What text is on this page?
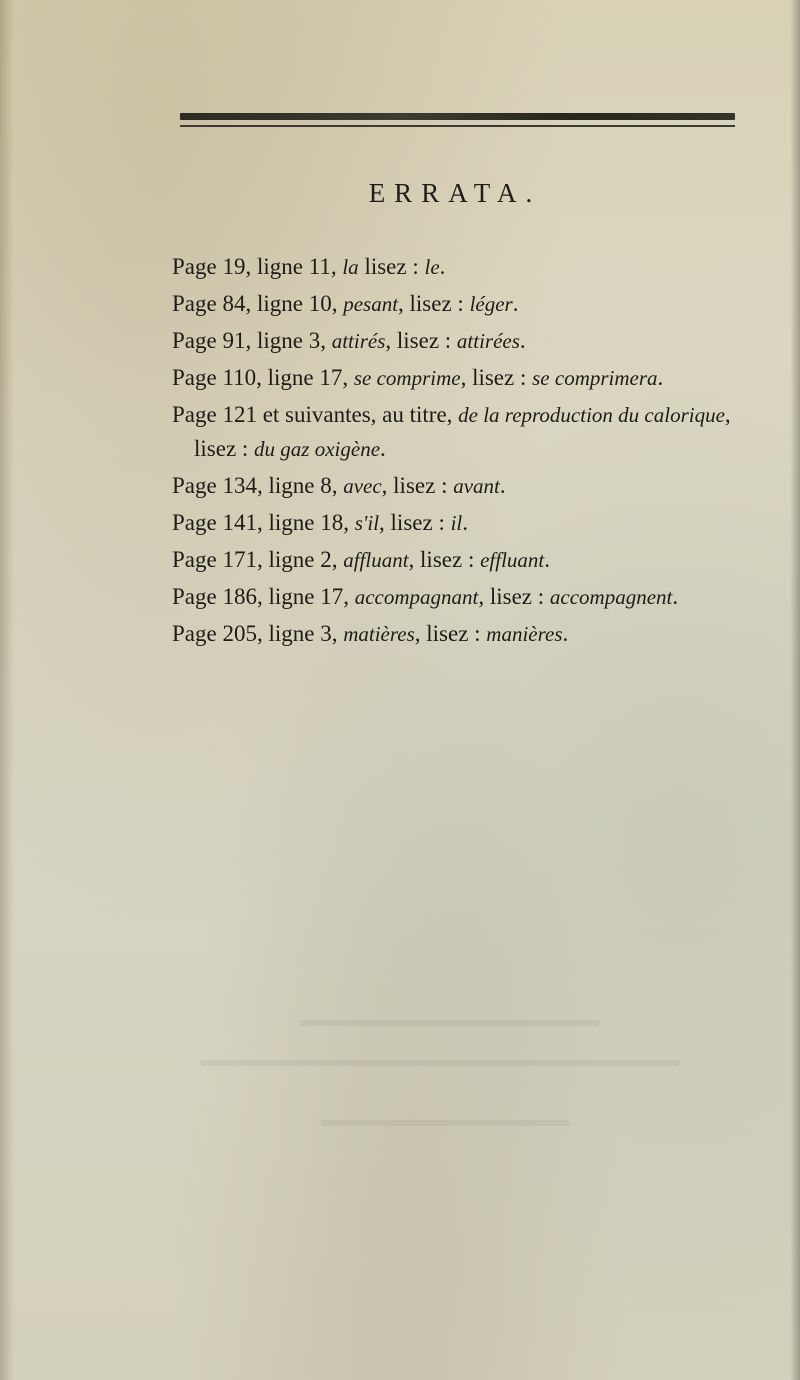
ERRATA.
Page 19, ligne 11, la lisez : le.
Page 84, ligne 10, pesant, lisez : léger.
Page 91, ligne 3, attirés, lisez : attirées.
Page 110, ligne 17, se comprime, lisez : se comprimera.
Page 121 et suivantes, au titre, de la reproduction du calorique, lisez : du gaz oxigène.
Page 134, ligne 8, avec, lisez : avant.
Page 141, ligne 18, s'il, lisez : il.
Page 171, ligne 2, affluant, lisez : effluant.
Page 186, ligne 17, accompagnant, lisez : accompagnent.
Page 205, ligne 3, matières, lisez : manières.
